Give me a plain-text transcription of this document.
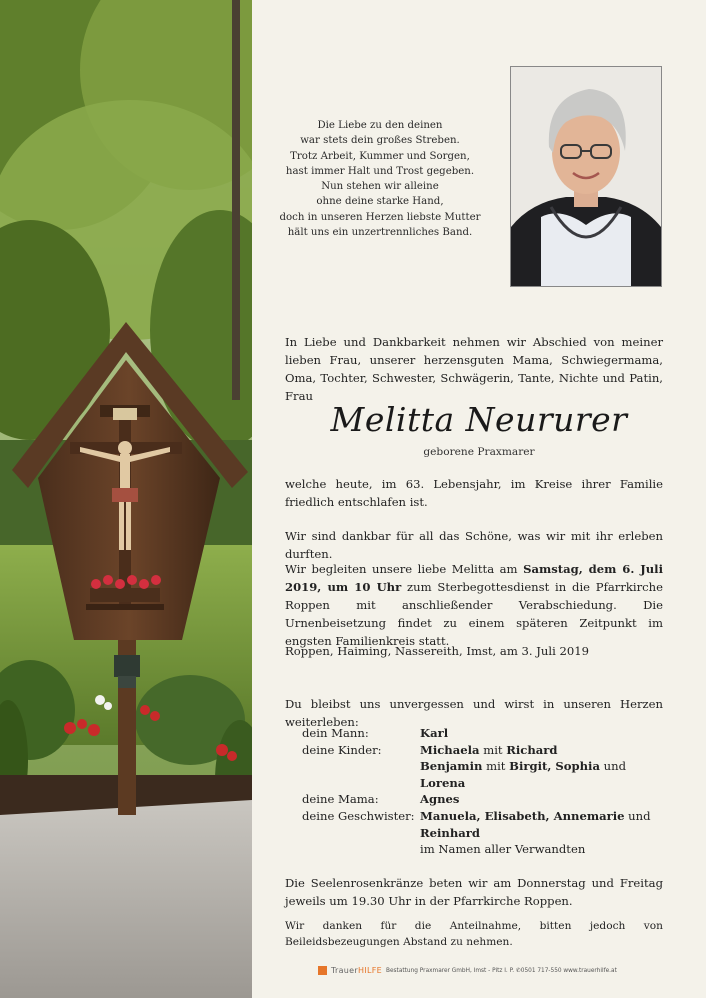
Die Liebe zu den deinen
war stets dein großes Streben.
Trotz Arbeit, Kummer und Sorgen,
hast immer Halt und Trost gegeben.
Nun stehen wir alleine
ohne deine starke Hand,
doch in unseren Herzen liebste Mutter
hält uns ein unzertrennliches Band.
In Liebe und Dankbarkeit nehmen wir Abschied von meiner lieben Frau, unserer herzensguten Mama, Schwiegermama, Oma, Tochter, Schwester, Schwägerin, Tante, Nichte und Patin, Frau
Melitta Neururer
geborene Praxmarer
welche heute, im 63. Lebensjahr, im Kreise ihrer Familie friedlich entschlafen ist.
Wir sind dankbar für all das Schöne, was wir mit ihr erleben durften.
Wir begleiten unsere liebe Melitta am Samstag, dem 6. Juli 2019, um 10 Uhr zum Sterbegottesdienst in die Pfarrkirche Roppen mit anschließender Verabschiedung. Die Urnenbeisetzung findet zu einem späteren Zeitpunkt im engsten Familienkreis statt.
Roppen, Haiming, Nassereith, Imst, am 3. Juli 2019
Du bleibst uns unvergessen und wirst in unseren Herzen weiterleben:
dein Mann:	Karl
deine Kinder:	Michaela mit Richard
Benjamin mit Birgit, Sophia und Lorena
deine Mama:	Agnes
deine Geschwister: Manuela, Elisabeth, Annemarie und
Reinhard
im Namen aller Verwandten
Die Seelenrosenkränze beten wir am Donnerstag und Freitag jeweils um 19.30 Uhr in der Pfarrkirche Roppen.
Wir danken für die Anteilnahme, bitten jedoch von Beileidsbezeugungen Abstand zu nehmen.
TrauerHILFE Bestattung Praxmarer GmbH, Imst - Pitz I. P. ✆0501 717-550 www.trauerhilfe.at
